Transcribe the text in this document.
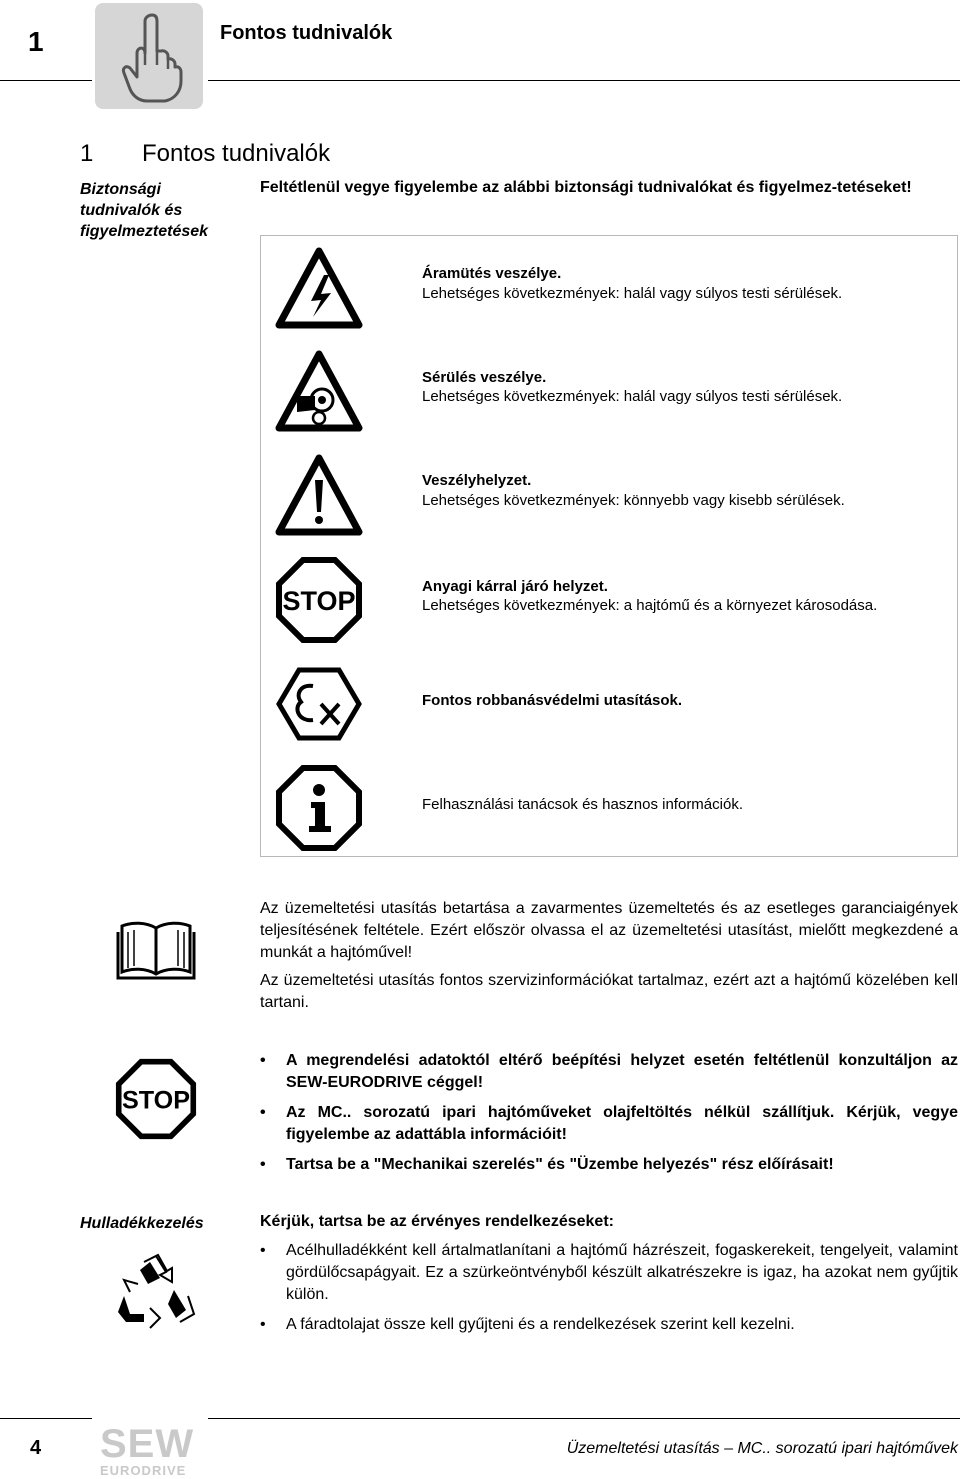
1	Fontos tudnivalók
1 Fontos tudnivalók
Biztonsági
tudnivalók és
figyelmeztetések
Feltétlenül vegye figyelembe az alábbi biztonsági tudnivalókat és figyelmez-tetéseket!
Áramütés veszélye.
Lehetséges következmények: halál vagy súlyos testi sérülések.
Sérülés veszélye.
Lehetséges következmények: halál vagy súlyos testi sérülések.
Veszélyhelyzet.
Lehetséges következmények: könnyebb vagy kisebb sérülések.
STOP	Anyagi kárral járó helyzet.
Lehetséges következmények: a hajtómű és a környezet károsodása.
Fontos robbanásvédelmi utasítások.
Felhasználási tanácsok és hasznos információk.
Az üzemeltetési utasítás betartása a zavarmentes üzemeltetés és az esetleges garanciaigények teljesítésének feltétele. Ezért először olvassa el az üzemeltetési utasítást, mielőtt megkezdené a munkát a hajtóművel!
Az üzemeltetési utasítás fontos szervizinformációkat tartalmaz, ezért azt a hajtómű közelében kell tartani.
STOP
• A megrendelési adatoktól eltérő beépítési helyzet esetén feltétlenül konzultáljon az SEW-EURODRIVE céggel!
• Az MC.. sorozatú ipari hajtóműveket olajfeltöltés nélkül szállítjuk. Kérjük, vegye figyelembe az adattábla információit!
• Tartsa be a "Mechanikai szerelés" és "Üzembe helyezés" rész előírásait!
Hulladékkezelés	Kérjük, tartsa be az érvényes rendelkezéseket:
• Acélhulladékként kell ártalmatlanítani a hajtómű házrészeit, fogaskerekeit, tengelyeit, valamint gördülőcsapágyait. Ez a szürkeöntvényből készült alkatrészekre is igaz, ha azokat nem gyűjtik külön.
• A fáradtolajat össze kell gyűjteni és a rendelkezések szerint kell kezelni.
4 SEW
EURODRIVE
Üzemeltetési utasítás – MC.. sorozatú ipari hajtóművek
